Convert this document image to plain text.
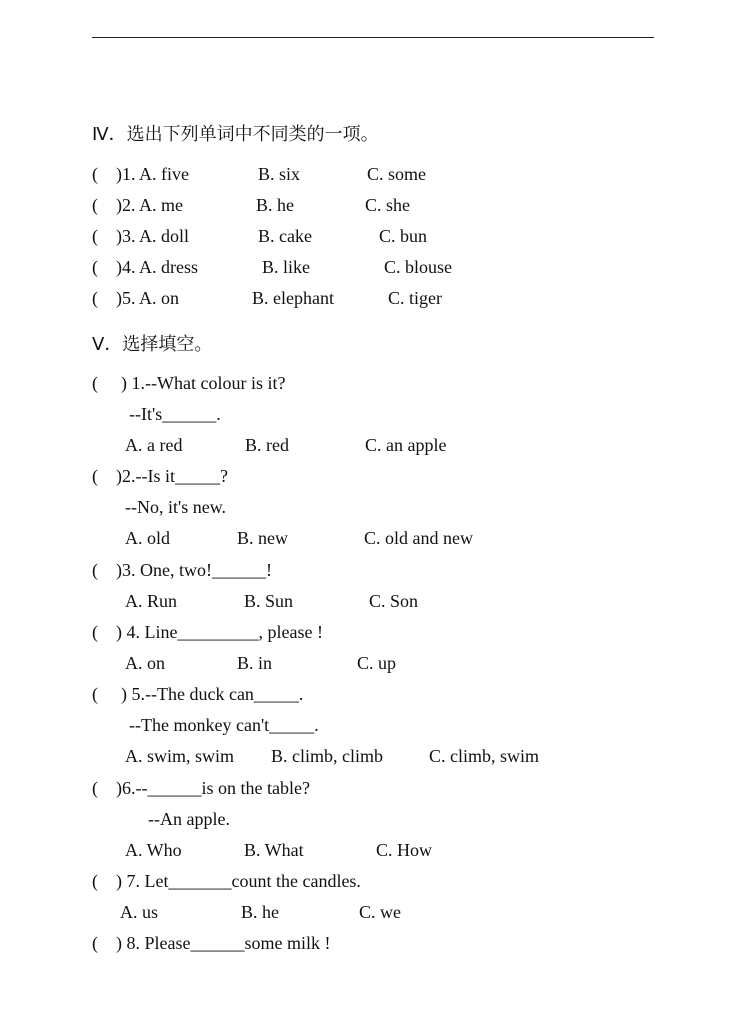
Ⅳ．选出下列单词中不同类的一项。
( )1. A. five	B. six	C. some
( )2. A. me	B. he	C. she
( )3. A. doll	B. cake	C. bun
( )4. A. dress	B. like	C. blouse
( )5. A. on	B. elephant	C. tiger
Ⅴ．选择填空。
( ) 1.--What colour is it?
--It's______.
A. a red	B. red	C. an apple
( )2.--Is it_____?
--No, it's new.
A. old	B. new	C. old and new
( )3. One, two!______!
A. Run	B. Sun	C. Son
( ) 4. Line_________, please !
A. on	B. in	C. up
( ) 5.--The duck can_____.
--The monkey can't_____.
A. swim, swim B. climb, climb	C. climb, swim
( )6.--______is on the table?
--An apple.
A. Who	B. What	C. How
( ) 7. Let_______count the candles.
A. us	B. he	C. we
( ) 8. Please______some milk !
